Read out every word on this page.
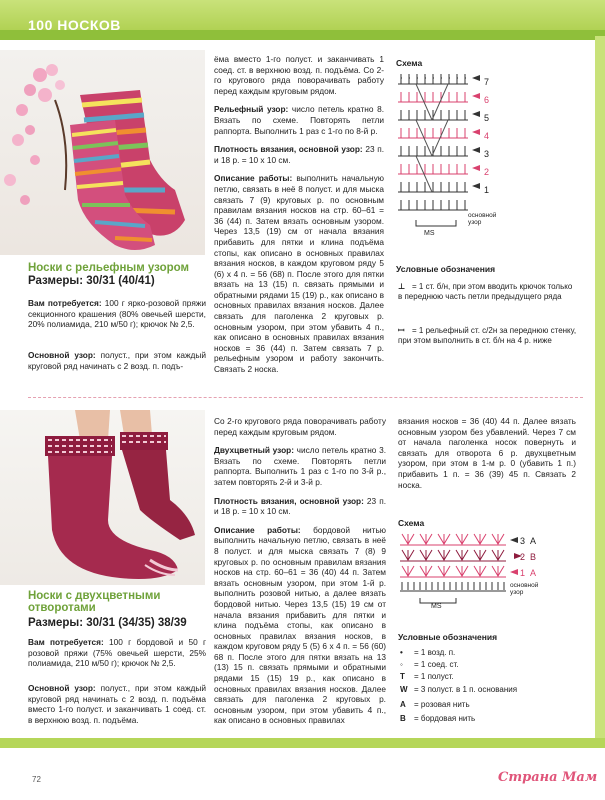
100 НОСКОВ
Носки с рельефным узором
Размеры: 30/31 (40/41)
Вам потребуется: 100 г ярко-розовой пряжи секционного крашения (80% овечьей шерсти, 20% полиамида, 210 м/50 г); крючок № 2,5.
Основной узор: полуст., при этом каждый круговой ряд начинать с 2 возд. п. подъ-

ёма вместо 1-го полуст. и заканчивать 1 соед. ст. в верхнюю возд. п. подъёма. Со 2-го кругового ряда поворачивать работу перед каждым круговым рядом.

Рельефный узор: число петель кратно 8. Вязать по схеме. Повторять петли раппорта. Выполнить 1 раз с 1-го по 8-й р.

Плотность вязания, основной узор: 23 п. и 18 р. = 10 х 10 см.

Описание работы: выполнить начальную петлю, связать в неё 8 полуст. и для мыска связать 7 (9) круговых р. по основным правилам вязания носков на стр. 60–61 = 36 (44) п. Затем вязать основным узором. Через 13,5 (19) см от начала вязания прибавить для пятки и клина подъёма стопы, как описано в основных правилах вязания носков, в каждом круговом ряду 5 (6) х 4 п. = 56 (68) п. После этого для пятки вязать на 13 (15) п. связать прямыми и обратными рядами 15 (19) р., как описано в основных правилах вязания носков. Далее связать для паголенка 2 круговых р. основным узором, при этом убавить 4 п., как описано в основных правилах вязания носков = 36 (44) п. Затем связать 7 р. рельефным узором и работу закончить. Связать 2 носка.

Схема
7
6
5
4
3
2
1
MS
основной узор
Условные обозначения
⊥ = 1 ст. б/н, при этом вводить крючок только в переднюю часть петли предыдущего ряда
ꟷ = 1 рельефный ст. с/2н за переднюю стенку, при этом выполнить в ст. б/н на 4 р. ниже
Носки с двухцветными отворотами
Размеры: 30/31 (34/35) 38/39
Вам потребуется: 100 г бордовой и 50 г розовой пряжи (75% овечьей шерсти, 25% полиамида, 210 м/50 г); крючок № 2,5.
Основной узор: полуст., при этом каждый круговой ряд начинать с 2 возд. п. подъёма вместо 1-го полуст. и заканчивать 1 соед. ст. в верхнюю возд. п. подъёма.

Со 2-го кругового ряда поворачивать работу перед каждым круговым рядом.

Двухцветный узор: число петель кратно 3. Вязать по схеме. Повторять петли раппорта. Выполнить 1 раз с 1-го по 3-й р., затем повторять 2-й и 3-й р.

Плотность вязания, основной узор: 23 п. и 18 р. = 10 х 10 см.

Описание работы: бордовой нитью выполнить начальную петлю, связать в неё 8 полуст. и для мыска связать 7 (8) 9 круговых р. по основным правилам вязания носков на стр. 60–61 = 36 (40) 44 п. Затем вязать основным узором, при этом 1-й р. выполнить розовой нитью, а далее вязать бордовой нитью. Через 13,5 (15) 19 см от начала вязания прибавить для пятки и клина подъёма стопы, как описано в основных правилах вязания носков, в каждом круговом ряду 5 (5) 6 х 4 п. = 56 (60) 68 п. После этого для пятки вязать на 13 (13) 15 п. связать прямыми и обратными рядами 15 (15) 19 р., как описано в основных правилах вязания носков. Далее связать для паголенка 2 круговых р. основным узором, при этом убавить 4 п., как описано в основных правилах

вязания носков = 36 (40) 44 п. Далее вязать основным узором без убавлений. Через 7 см от начала паголенка носок повернуть и связать для отворота 6 р. двухцветным узором, при этом в 1-м р. 0 (убавить 1 п.) прибавить 1 п. = 36 (39) 45 п. Связать 2 носка.
Схема
3 A
2 B
1 A
MS
основной узор
Условные обозначения
• = 1 возд. п.
◦ = 1 соед. ст.
T = 1 полуст.
W = 3 полуст. в 1 п. основания
A = розовая нить
B = бордовая нить
72	Страна Мам
